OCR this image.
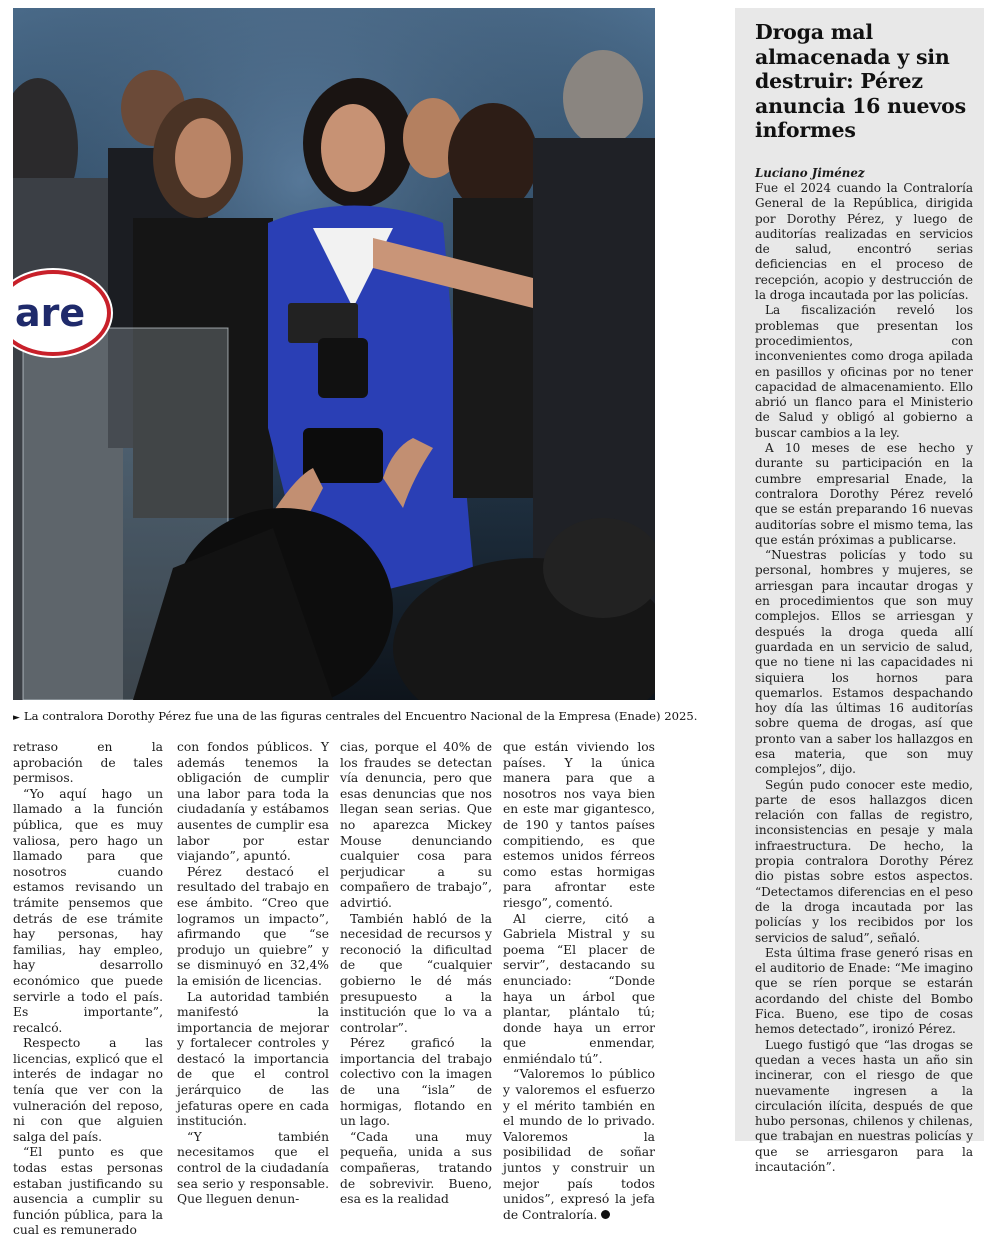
are
► La contralora Dorothy Pérez fue una de las figuras centrales del Encuentro Nacional de la Empresa (Enade) 2025.

retraso en la aprobación de tales permisos.

“Yo aquí hago un llamado a la función pública, que es muy valiosa, pero hago un llamado para que nosotros cuando estamos revisando un trámite pensemos que detrás de ese trámite hay personas, hay familias, hay empleo, hay desarrollo económico que puede servirle a todo el país. Es importante”, recalcó.

Respecto a las licencias, explicó que el interés de indagar no tenía que ver con la vulneración del reposo, ni con que alguien salga del país.

“El punto es que todas estas personas estaban justificando su ausencia a cumplir su función pública, para la cual es remunerado

con fondos públicos. Y además tenemos la obligación de cumplir una labor para toda la ciudadanía y estábamos ausentes de cumplir esa labor por estar viajando”, apuntó.

Pérez destacó el resultado del trabajo en ese ámbito. “Creo que logramos un impacto”, afirmando que “se produjo un quiebre” y se disminuyó en 32,4% la emisión de licencias.

La autoridad también manifestó la importancia de mejorar y fortalecer controles y destacó la importancia de que el control jerárquico de las jefaturas opere en cada institución.

“Y también necesitamos que el control de la ciudadanía sea serio y responsable. Que lleguen denun-

cias, porque el 40% de los fraudes se detectan vía denuncia, pero que esas denuncias que nos llegan sean serias. Que no aparezca Mickey Mouse denunciando cualquier cosa para perjudicar a su compañero de trabajo”, advirtió.

También habló de la necesidad de recursos y reconoció la dificultad de que “cualquier gobierno le dé más presupuesto a la institución que lo va a controlar”.

Pérez graficó la importancia del trabajo colectivo con la imagen de una “isla” de hormigas, flotando en un lago.

“Cada una muy pequeña, unida a sus compañeras, tratando de sobrevivir. Bueno, esa es la realidad

que están viviendo los países. Y la única manera para que a nosotros nos vaya bien en este mar gigantesco, de 190 y tantos países compitiendo, es que estemos unidos férreos como estas hormigas para afrontar este riesgo”, comentó.

Al cierre, citó a Gabriela Mistral y su poema “El placer de servir”, destacando su enunciado: “Donde haya un árbol que plantar, plántalo tú; donde haya un error que enmendar, enmiéndalo tú”.

“Valoremos lo público y valoremos el esfuerzo y el mérito también en el mundo de lo privado. Valoremos la posibilidad de soñar juntos y construir un mejor país todos unidos”, expresó la jefa de Contraloría.

Droga mal almacenada y sin destruir: Pérez anuncia 16 nuevos informes
Luciano Jiménez

Fue el 2024 cuando la Contraloría General de la República, dirigida por Dorothy Pérez, y luego de auditorías realizadas en servicios de salud, encontró serias deficiencias en el proceso de recepción, acopio y destrucción de la droga incautada por las policías.

La fiscalización reveló los problemas que presentan los procedimientos, con inconvenientes como droga apilada en pasillos y oficinas por no tener capacidad de almacenamiento. Ello abrió un flanco para el Ministerio de Salud y obligó al gobierno a buscar cambios a la ley.

A 10 meses de ese hecho y durante su participación en la cumbre empresarial Enade, la contralora Dorothy Pérez reveló que se están preparando 16 nuevas auditorías sobre el mismo tema, las que están próximas a publicarse.

“Nuestras policías y todo su personal, hombres y mujeres, se arriesgan para incautar drogas y en procedimientos que son muy complejos. Ellos se arriesgan y después la droga queda allí guardada en un servicio de salud, que no tiene ni las capacidades ni siquiera los hornos para quemarlos. Estamos despachando hoy día las últimas 16 auditorías sobre quema de drogas, así que pronto van a saber los hallazgos en esa materia, que son muy complejos”, dijo.

Según pudo conocer este medio, parte de esos hallazgos dicen relación con fallas de registro, inconsistencias en pesaje y mala infraestructura. De hecho, la propia contralora Dorothy Pérez dio pistas sobre estos aspectos. “Detectamos diferencias en el peso de la droga incautada por las policías y los recibidos por los servicios de salud”, señaló.

Esta última frase generó risas en el auditorio de Enade: “Me imagino que se ríen porque se estarán acordando del chiste del Bombo Fica. Bueno, ese tipo de cosas hemos detectado”, ironizó Pérez.

Luego fustigó que “las drogas se quedan a veces hasta un año sin incinerar, con el riesgo de que nuevamente ingresen a la circulación ilícita, después de que hubo personas, chilenos y chilenas, que trabajan en nuestras policías y que se arriesgaron para la incautación”.
